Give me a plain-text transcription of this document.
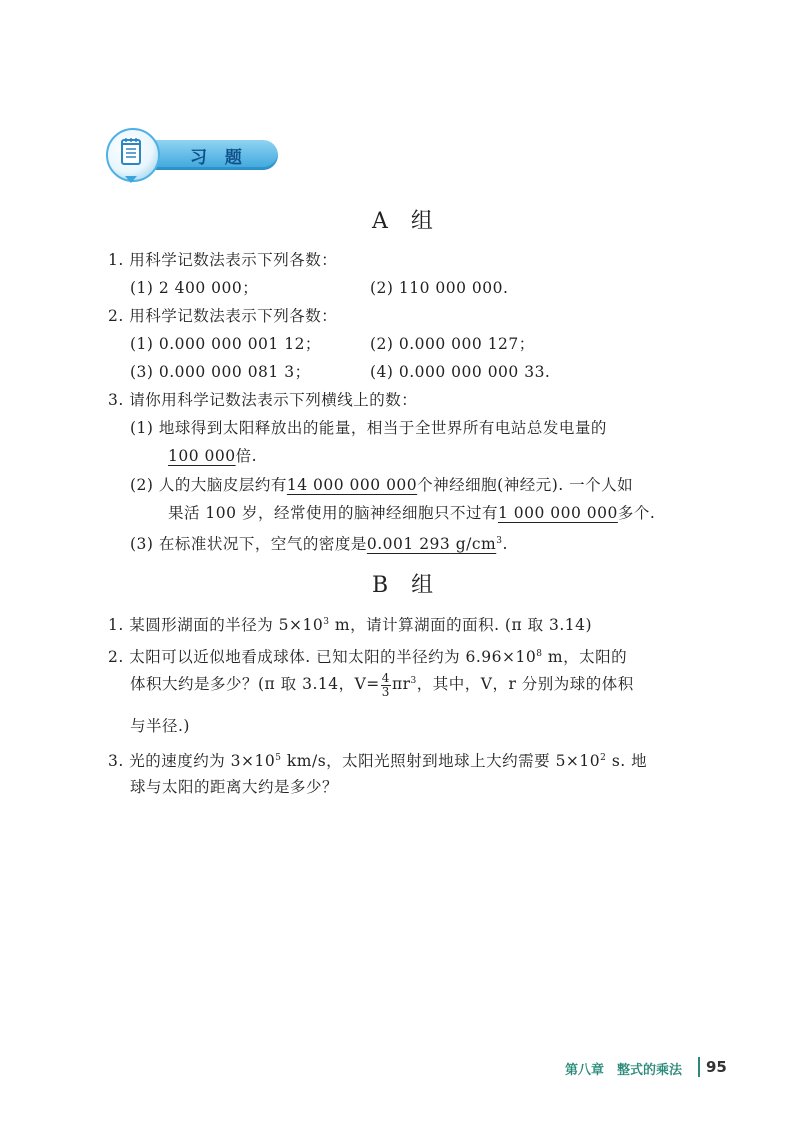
习 题
A 组
1. 用科学记数法表示下列各数：
(1) 2 400 000；	(2) 110 000 000.
2. 用科学记数法表示下列各数：
(1) 0.000 000 001 12；	(2) 0.000 000 127；
(3) 0.000 000 081 3；	(4) 0.000 000 000 33.
3. 请你用科学记数法表示下列横线上的数：
(1) 地球得到太阳释放出的能量，相当于全世界所有电站总发电量的
100 000倍.
(2) 人的大脑皮层约有14 000 000 000个神经细胞(神经元). 一个人如
果活 100 岁，经常使用的脑神经细胞只不过有1 000 000 000多个.
(3) 在标准状况下，空气的密度是0.001 293 $g/cm^3$.
B 组
1. 某圆形湖面的半径为 $5\times 10^3$ m，请计算湖面的面积. (π 取 3.14)
2. 太阳可以近似地看成球体. 已知太阳的半径约为 $6.96\times 10^8$ m，太阳的
体积大约是多少？(π 取 3.14，$V= \frac{4}{3} \pi r^3$，其中，V，r 分别为球的体积
与半径.)
3. 光的速度约为 $3\times 10^5$ km/s，太阳光照射到地球上大约需要 $5\times 10^2$ s. 地
球与太阳的距离大约是多少？
第八章　整式的乘法 95
